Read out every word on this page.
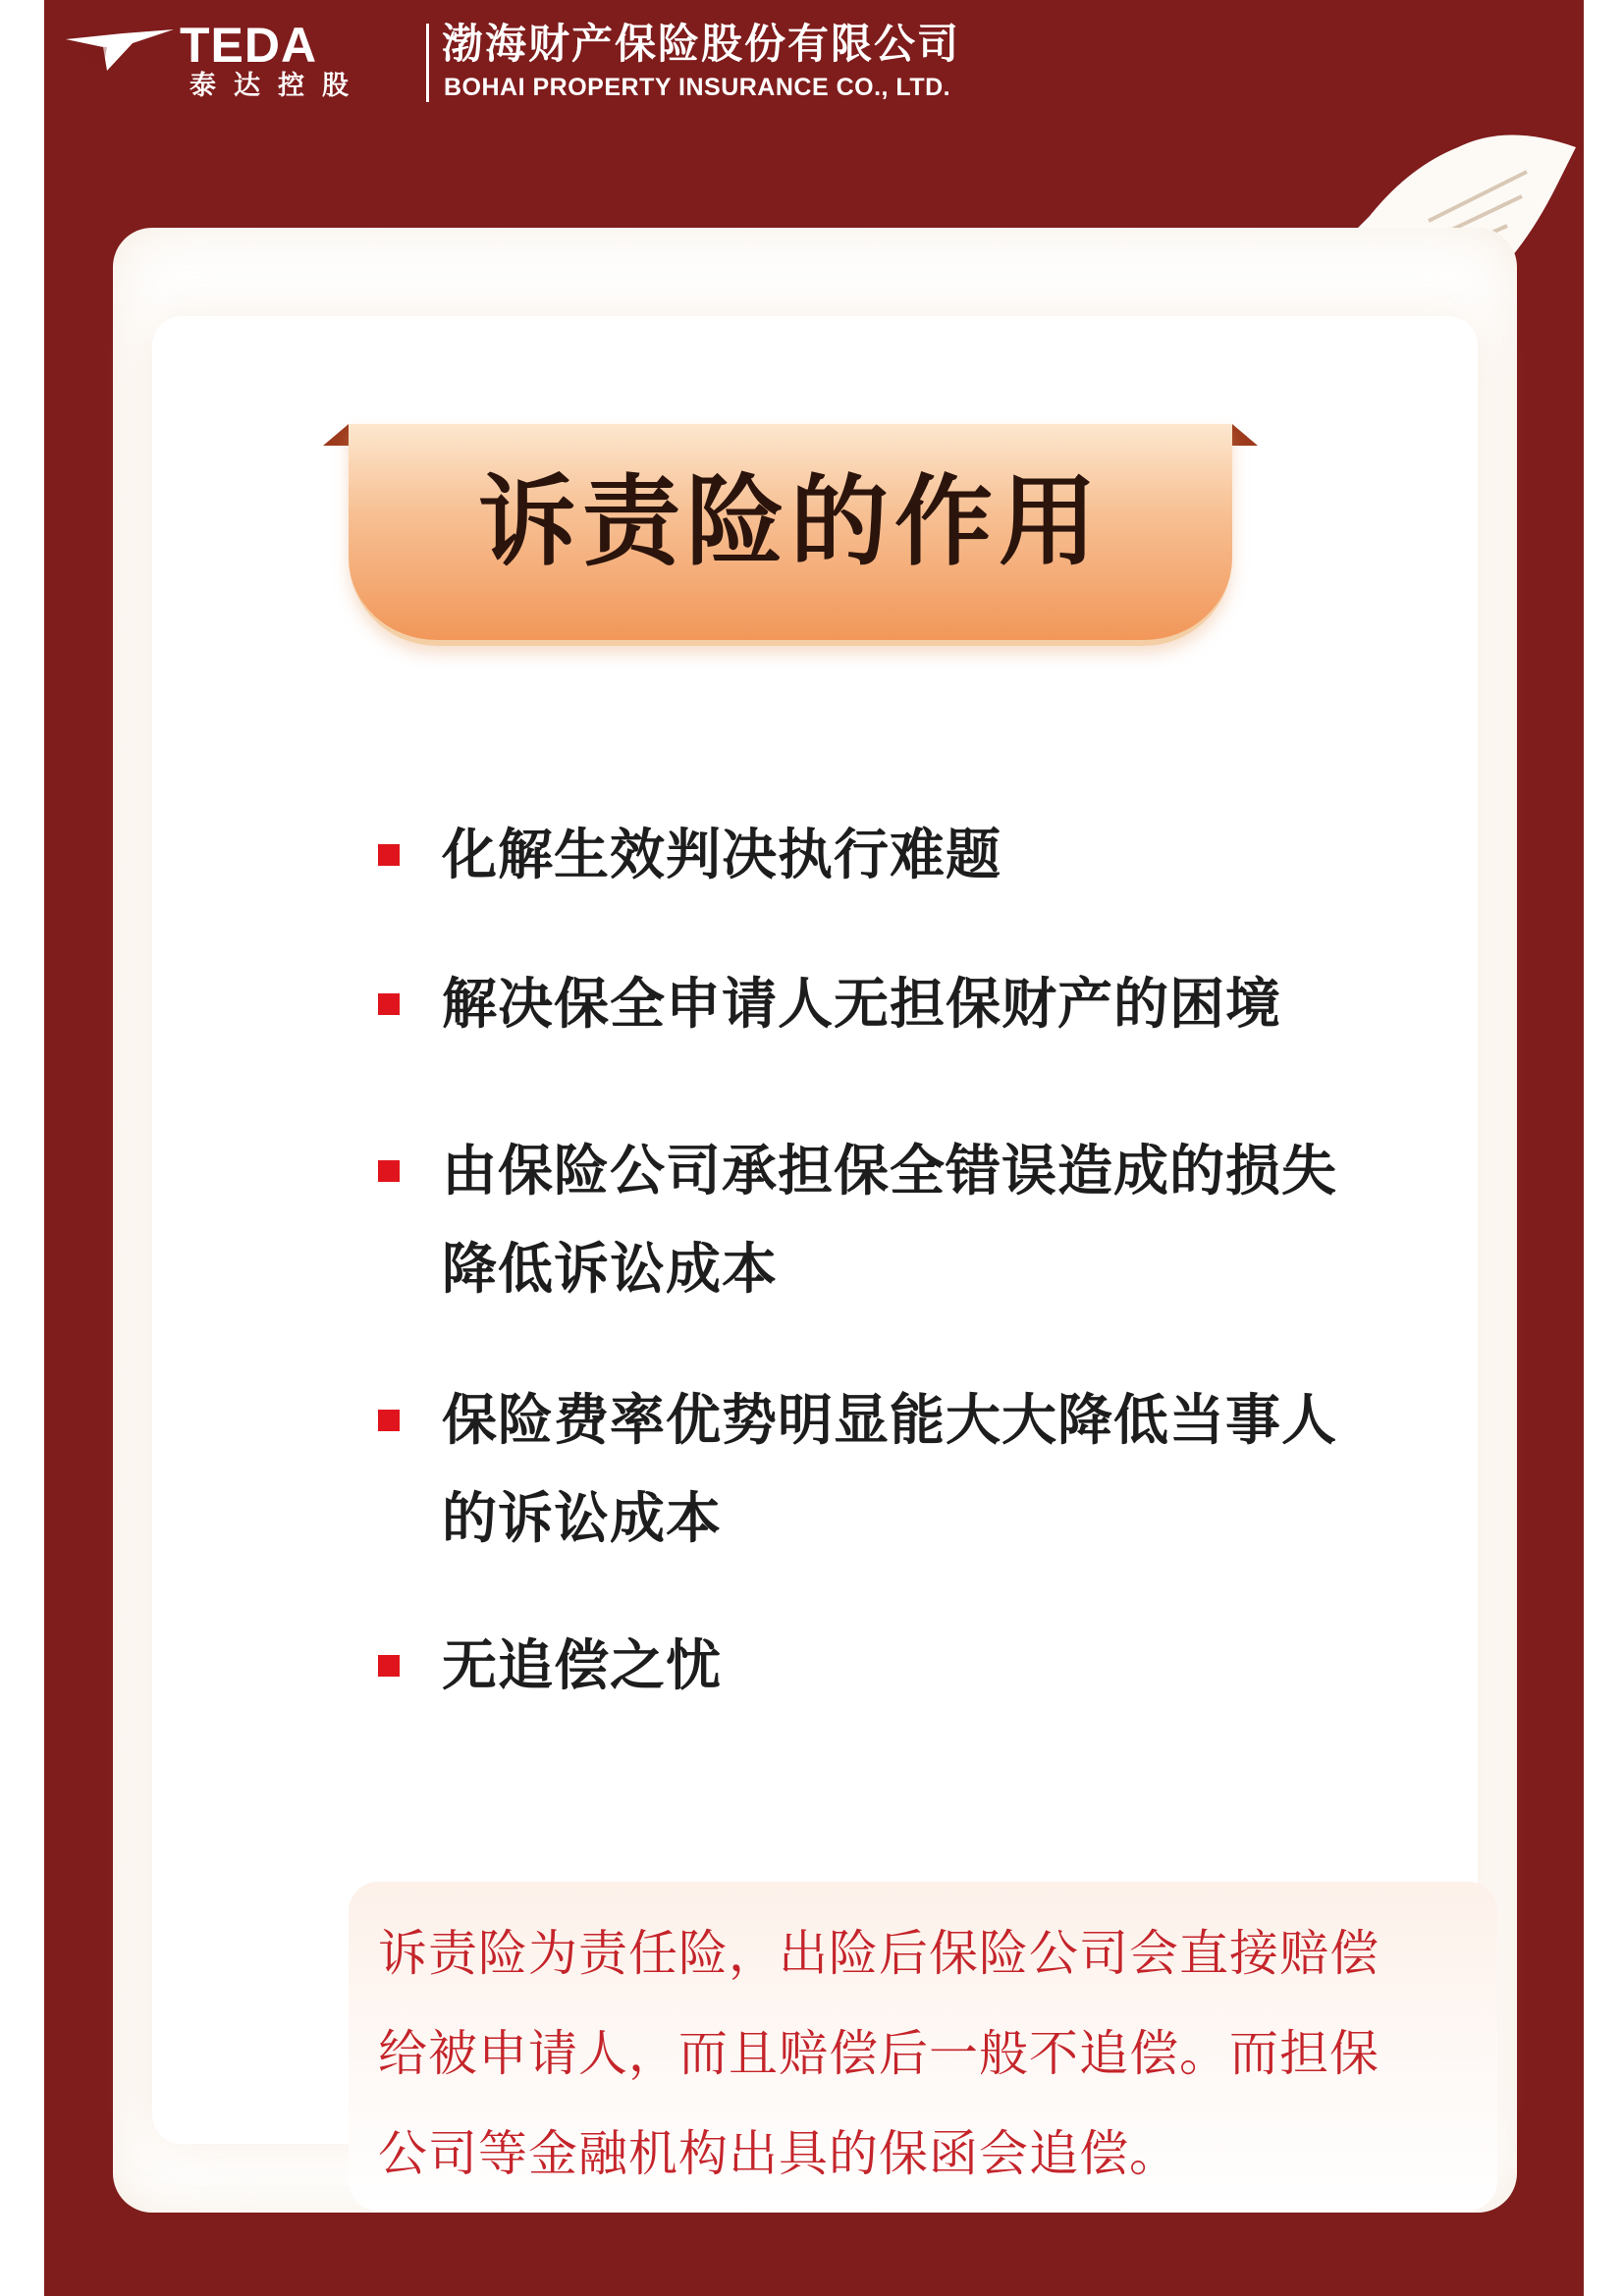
TEDA
泰达控股
渤海财产保险股份有限公司
BOHAI PROPERTY INSURANCE CO., LTD.
诉责险的作用
化解生效判决执行难题
解决保全申请人无担保财产的困境
由保险公司承担保全错误造成的损失
降低诉讼成本
保险费率优势明显能大大降低当事人
的诉讼成本
无追偿之忧
诉责险为责任险，出险后保险公司会直接赔偿
给被申请人，而且赔偿后一般不追偿。而担保
公司等金融机构出具的保函会追偿。
